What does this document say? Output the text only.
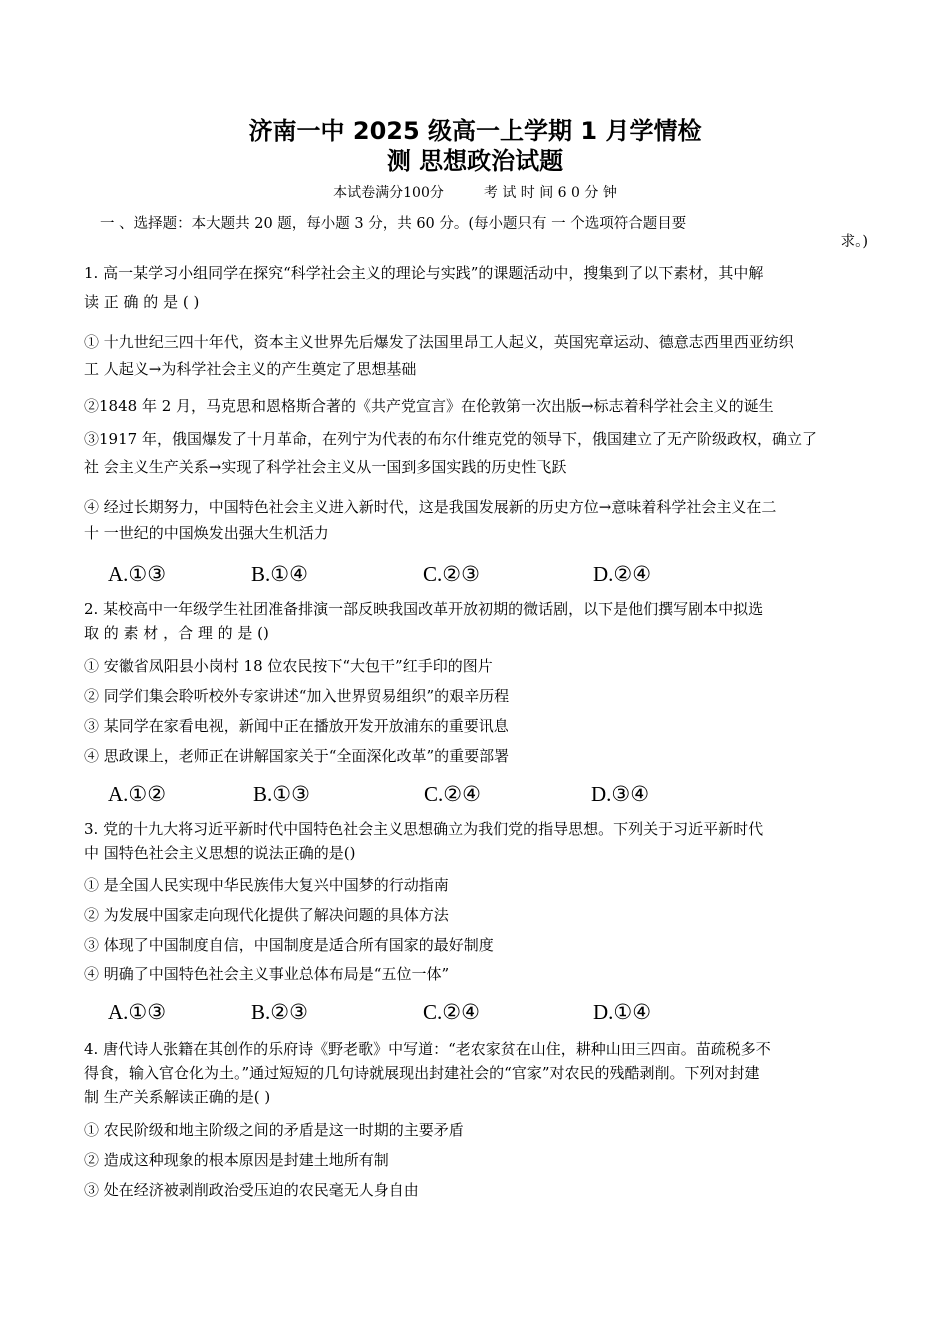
济南一中 2025 级高一上学期 1 月学情检
测 思想政治试题
本试卷满分100分	考 试 时 间 6 0 分 钟
一 、选择题：本大题共 20 题，每小题 3 分，共 60 分。(每小题只有 一 个选项符合题目要
求。)
1. 高一某学习小组同学在探究“科学社会主义的理论与实践”的课题活动中，搜集到了以下素材，其中解
读 正 确 的 是 ( )
① 十九世纪三四十年代，资本主义世界先后爆发了法国里昂工人起义，英国宪章运动、德意志西里西亚纺织
工 人起义→为科学社会主义的产生奠定了思想基础
②1848 年 2 月，马克思和恩格斯合著的《共产党宣言》在伦敦第一次出版→标志着科学社会主义的诞生
③1917 年，俄国爆发了十月革命，在列宁为代表的布尔什维克党的领导下，俄国建立了无产阶级政权，确立了
社 会主义生产关系→实现了科学社会主义从一国到多国实践的历史性飞跃
④ 经过长期努力，中国特色社会主义进入新时代，这是我国发展新的历史方位→意味着科学社会主义在二
十 一世纪的中国焕发出强大生机活力
A.①③	B.①④	C.②③	D.②④
2. 某校高中一年级学生社团准备排演一部反映我国改革开放初期的微话剧，以下是他们撰写剧本中拟选
取 的 素 材 ，合 理 的 是 ()
① 安徽省凤阳县小岗村 18 位农民按下“大包干”红手印的图片
② 同学们集会聆听校外专家讲述“加入世界贸易组织”的艰辛历程
③ 某同学在家看电视，新闻中正在播放开发开放浦东的重要讯息
④ 思政课上，老师正在讲解国家关于“全面深化改革”的重要部署
A.①②	B.①③	C.②④	D.③④
3. 党的十九大将习近平新时代中国特色社会主义思想确立为我们党的指导思想。下列关于习近平新时代
中 国特色社会主义思想的说法正确的是()
① 是全国人民实现中华民族伟大复兴中国梦的行动指南
② 为发展中国家走向现代化提供了解决问题的具体方法
③ 体现了中国制度自信，中国制度是适合所有国家的最好制度
④ 明确了中国特色社会主义事业总体布局是“五位一体”
A.①③	B.②③	C.②④	D.①④
4. 唐代诗人张籍在其创作的乐府诗《野老歌》中写道：“老农家贫在山住，耕种山田三四亩。苗疏税多不
得食，输入官仓化为土。”通过短短的几句诗就展现出封建社会的“官家”对农民的残酷剥削。下列对封建
制 生产关系解读正确的是( )
① 农民阶级和地主阶级之间的矛盾是这一时期的主要矛盾
② 造成这种现象的根本原因是封建土地所有制
③ 处在经济被剥削政治受压迫的农民毫无人身自由
